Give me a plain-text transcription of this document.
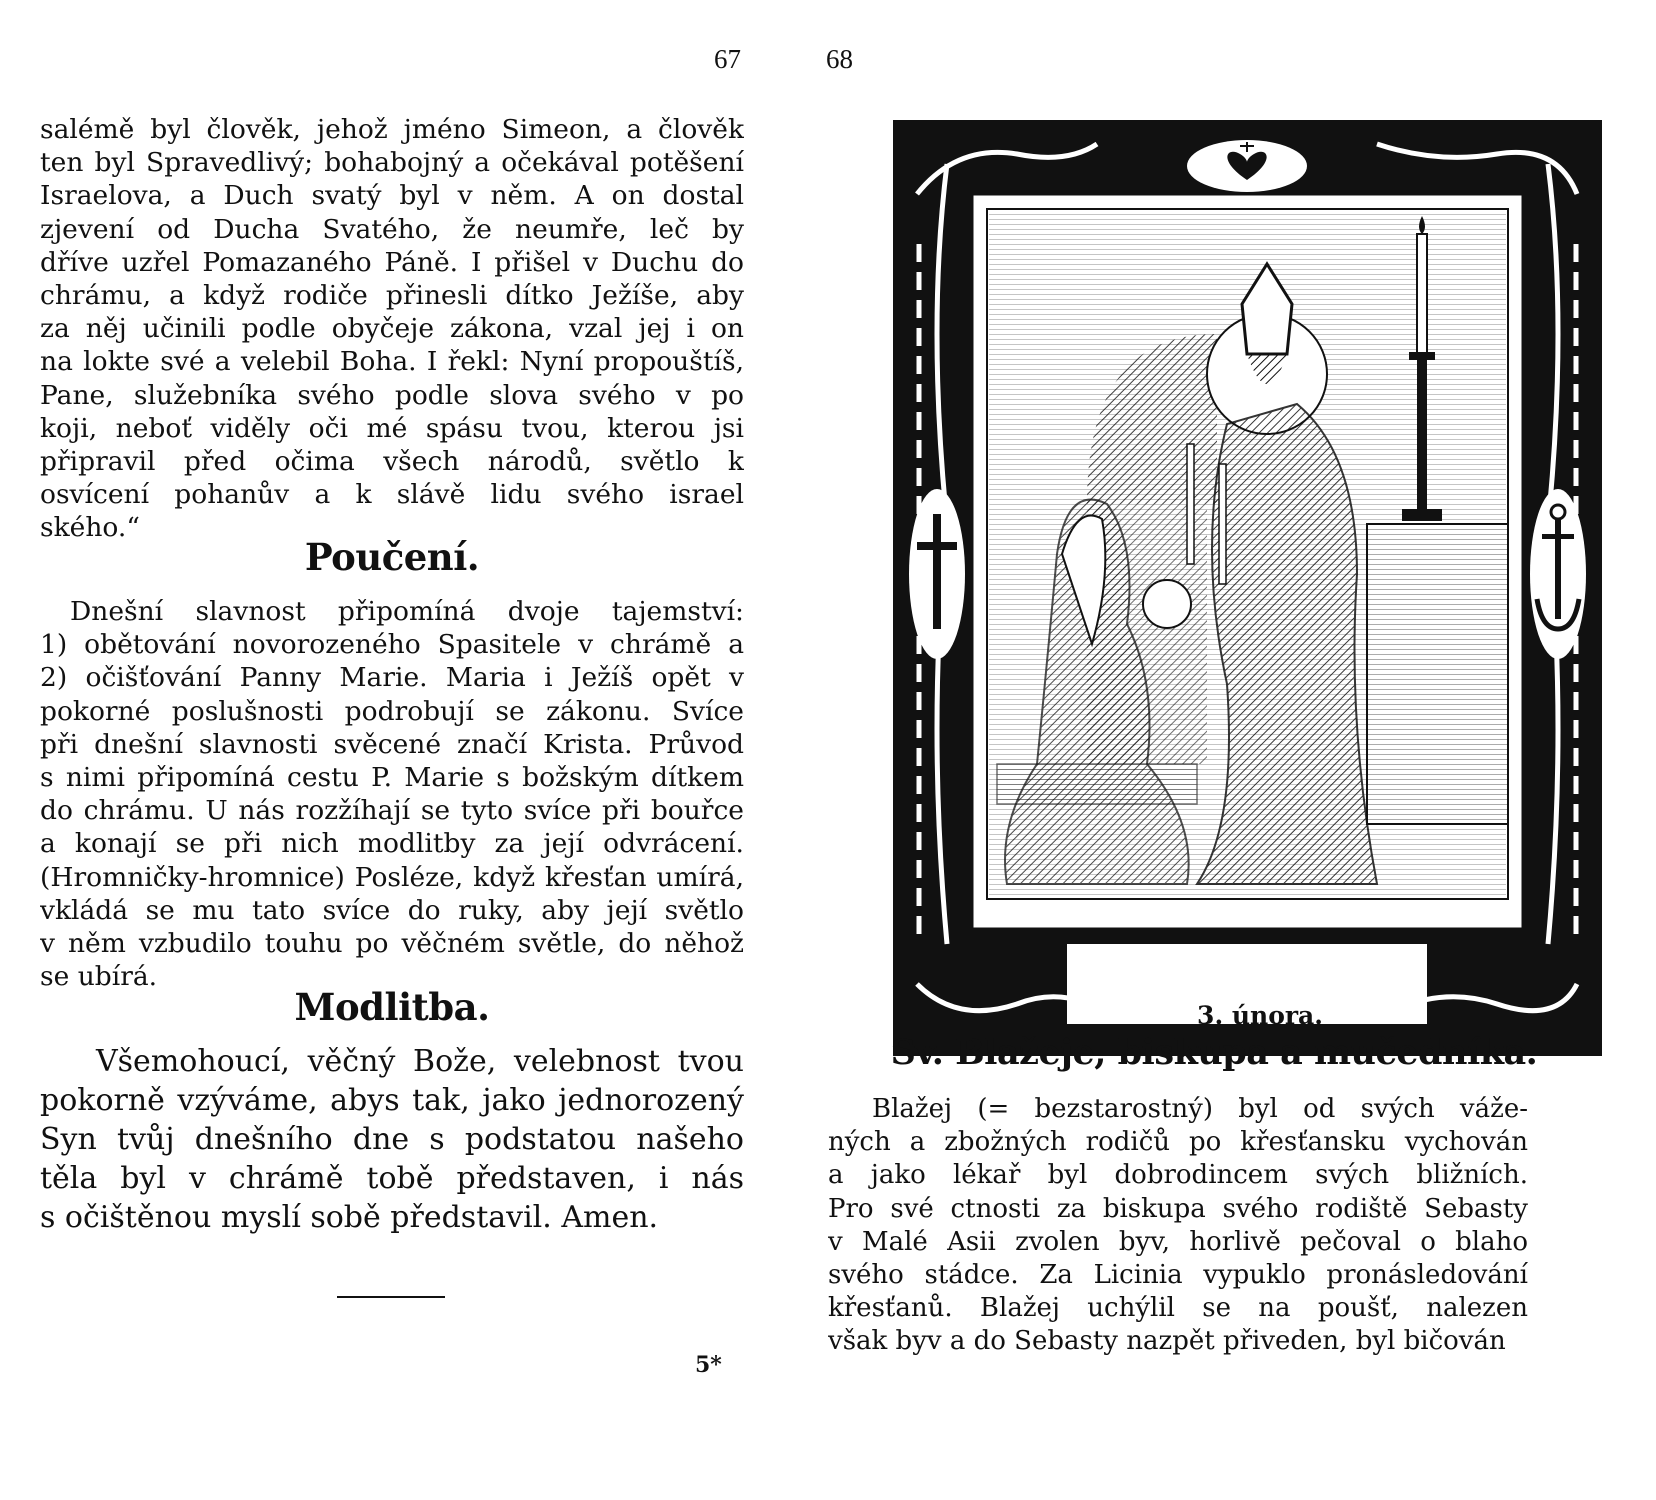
67
salémě byl člověk, jehož jméno Simeon, a člověk
ten byl Spravedlivý; bohabojný a očekával potěšení
Israelova, a Duch svatý byl v něm. A on dostal
zjevení od Ducha Svatého, že neumře, leč by
dříve uzřel Pomazaného Páně. I přišel v Duchu do
chrámu, a když rodiče přinesli dítko Ježíše, aby
za něj učinili podle obyčeje zákona, vzal jej i on
na lokte své a velebil Boha. I řekl: Nyní propouštíš,
Pane, služebníka svého podle slova svého v po
koji, neboť viděly oči mé spásu tvou, kterou jsi
připravil před očima všech národů, světlo k
osvícení pohanův a k slávě lidu svého israel
ského.“
Poučení.
Dnešní slavnost připomíná dvoje tajemství:
1) obětování novorozeného Spasitele v chrámě a
2) očišťování Panny Marie. Maria i Ježíš opět v
pokorné poslušnosti podrobují se zákonu. Svíce
při dnešní slavnosti svěcené značí Krista. Průvod
s nimi připomíná cestu P. Marie s božským dítkem
do chrámu. U nás rozžíhají se tyto svíce při bouřce
a konají se při nich modlitby za její odvrácení.
(Hromničky-hromnice) Posléze, když křesťan umírá,
vkládá se mu tato svíce do ruky, aby její světlo
v něm vzbudilo touhu po věčném světle, do něhož
se ubírá.
Modlitba.
Všemohoucí, věčný Bože, velebnost tvou
pokorně vzýváme, abys tak, jako jednorozený
Syn tvůj dnešního dne s podstatou našeho
těla byl v chrámě tobě představen, i nás
s očištěnou myslí sobě představil. Amen.
5*
68
3. února.
Sv. Blažeje, biskupa a mučedníka.
Blažej (= bezstarostný) byl od svých váže-
ných a zbožných rodičů po křesťansku vychován
a jako lékař byl dobrodincem svých bližních.
Pro své ctnosti za biskupa svého rodiště Sebasty
v Malé Asii zvolen byv, horlivě pečoval o blaho
svého stádce. Za Licinia vypuklo pronásledování
křesťanů. Blažej uchýlil se na poušť, nalezen
však byv a do Sebasty nazpět přiveden, byl bičován
